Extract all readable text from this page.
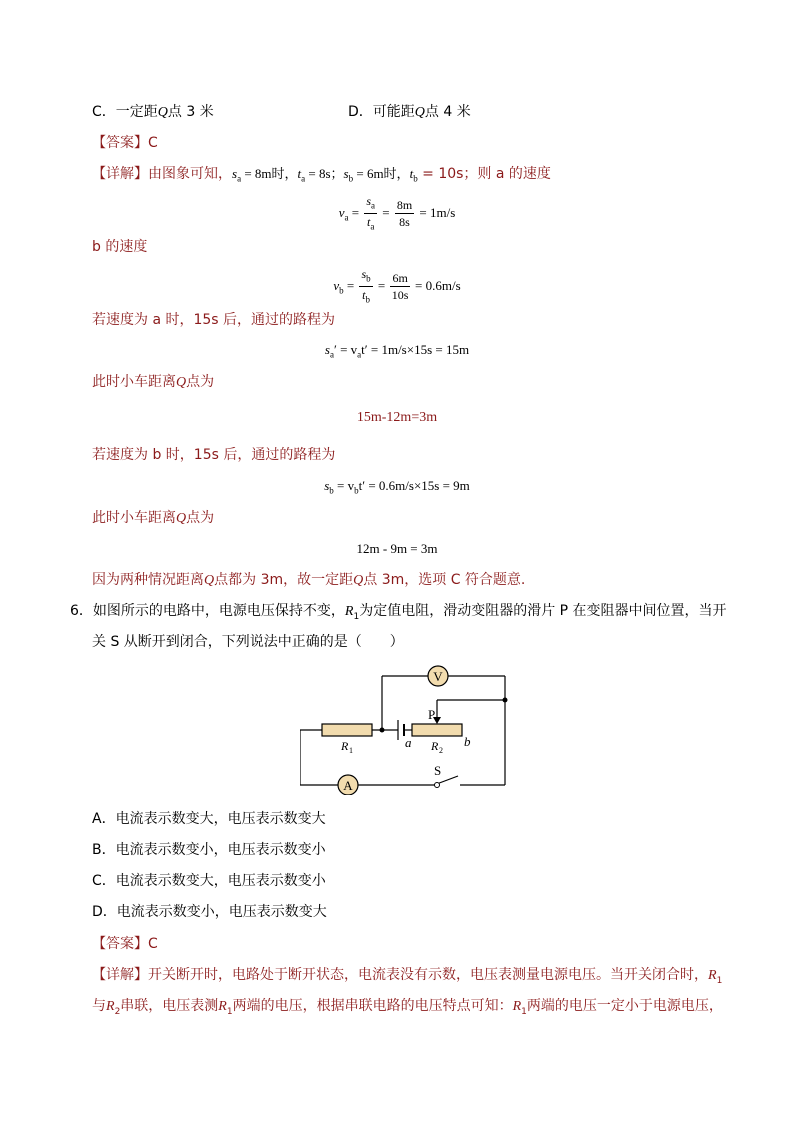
C．一定距Q点 3 米	D．可能距Q点 4 米
【答案】C
【详解】由图象可知，$s_a = 8m$时，$t_a = 8s$；$s_b = 6m$时，$t_b = 10s$；则 a 的速度
$v_a = \frac{s_a}{t_a} = \frac{8m}{8s} = 1m/s$
b 的速度
$v_b = \frac{s_b}{t_b} = \frac{6m}{10s} = 0.6m/s$
若速度为 a 时，15s 后，通过的路程为
$s_a' = v_at' = 1m/s\times 15s = 15m$
此时小车距离Q点为
15m-12m=3m
若速度为 b 时，15s 后，通过的路程为
$s_b = v_bt' = 0.6m/s\times 15s = 9m$
此时小车距离Q点为
12m - 9m = 3m
因为两种情况距离Q点都为 3m，故一定距Q点 3m，选项 C 符合题意.
6．如图所示的电路中，电源电压保持不变，$R_1$为定值电阻，滑动变阻器的滑片 P 在变阻器中间位置，当开
关 S 从断开到闭合，下列说法中正确的是（　　）
V
A
S
P
R 1	R 2
a	b
A．电流表示数变大，电压表示数变大
B．电流表示数变小，电压表示数变小
C．电流表示数变大，电压表示数变小
D．电流表示数变小，电压表示数变大
【答案】C
【详解】开关断开时，电路处于断开状态，电流表没有示数，电压表测量电源电压。当开关闭合时，$R_1$
与$R_2$串联，电压表测$R_1$两端的电压，根据串联电路的电压特点可知：$R_1$两端的电压一定小于电源电压，
